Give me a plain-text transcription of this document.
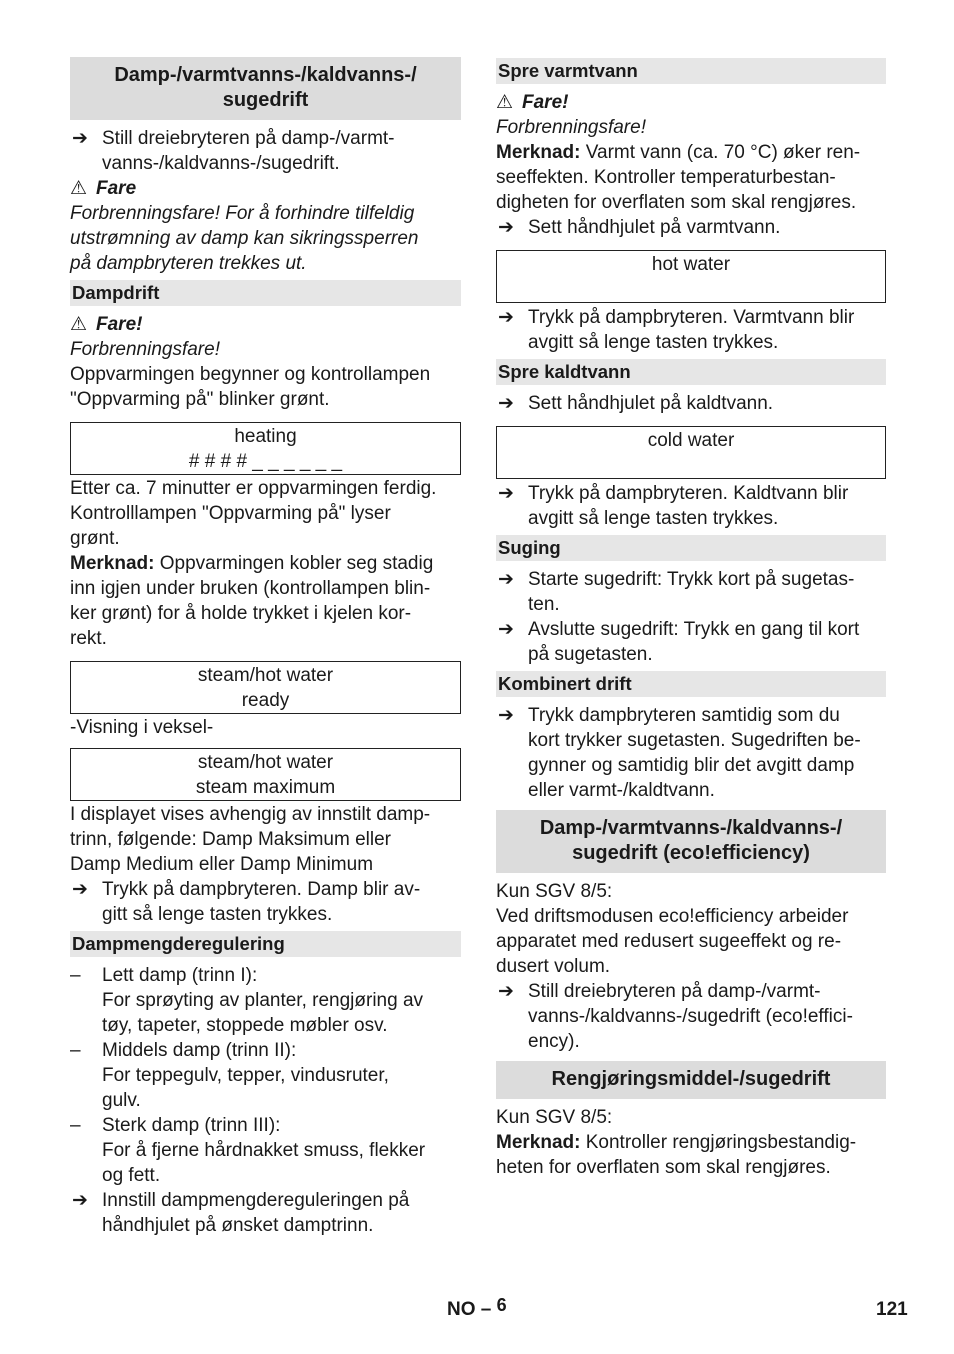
Damp-/varmtvanns-/kaldvanns-/
sugedrift
➔ Still dreiebryteren på damp-/varmt-
vanns-/kaldvanns-/sugedrift.

⚠ Fare

Forbrenningsfare! For å forhindre tilfeldig
utstrømning av damp kan sikringssperren
på dampbryteren trekkes ut.

Dampdrift

⚠ Fare!

Forbrenningsfare!

Oppvarmingen begynner og kontrollampen
"Oppvarming på" blinker grønt.

heating
# # # # _ _ _ _ _ _

Etter ca. 7 minutter er oppvarmingen ferdig.
Kontrolllampen "Oppvarming på" lyser
grønt.

Merknad: Oppvarmingen kobler seg stadig
inn igjen under bruken (kontrollampen blin-
ker grønt) for å holde trykket i kjelen kor-
rekt.

steam/hot water
ready

-Visning i veksel-

steam/hot water
steam maximum

I displayet vises avhengig av innstilt damp-
trinn, følgende: Damp Maksimum eller
Damp Medium eller Damp Minimum

➔ Trykk på dampbryteren. Damp blir av-
gitt så lenge tasten trykkes.
Dampmengderegulering
– Lett damp (trinn I):
For sprøyting av planter, rengjøring av
tøy, tapeter, stoppede møbler osv.
– Middels damp (trinn II):
For teppegulv, tepper, vindusruter,
gulv.
– Sterk damp (trinn III):
For å fjerne hårdnakket smuss, flekker
og fett.
➔ Innstill dampmengdereguleringen på
håndhjulet på ønsket damptrinn.
Spre varmtvann

⚠ Fare!

Forbrenningsfare!

Merknad: Varmt vann (ca. 70 °C) øker ren-
seeffekten. Kontroller temperaturbestan-
digheten for overflaten som skal rengjøres.

➔ Sett håndhjulet på varmtvann.
hot water
➔ Trykk på dampbryteren. Varmtvann blir
avgitt så lenge tasten trykkes.
Spre kaldtvann
➔ Sett håndhjulet på kaldtvann.
cold water
➔ Trykk på dampbryteren. Kaldtvann blir
avgitt så lenge tasten trykkes.
Suging
➔ Starte sugedrift: Trykk kort på sugetas-
ten.
➔ Avslutte sugedrift: Trykk en gang til kort
på sugetasten.
Kombinert drift
➔ Trykk dampbryteren samtidig som du
kort trykker sugetasten. Sugedriften be-
gynner og samtidig blir det avgitt damp
eller varmt-/kaldtvann.
Damp-/varmtvanns-/kaldvanns-/
sugedrift (eco!efficiency)

Kun SGV 8/5:
Ved driftsmodusen eco!efficiency arbeider
apparatet med redusert sugeeffekt og re-
dusert volum.

➔ Still dreiebryteren på damp-/varmt-
vanns-/kaldvanns-/sugedrift (eco!effici-
ency).
Rengjøringsmiddel-/sugedrift

Kun SGV 8/5:

Merknad: Kontroller rengjøringsbestandig-
heten for overflaten som skal rengjøres.

NO – $^6$	121
